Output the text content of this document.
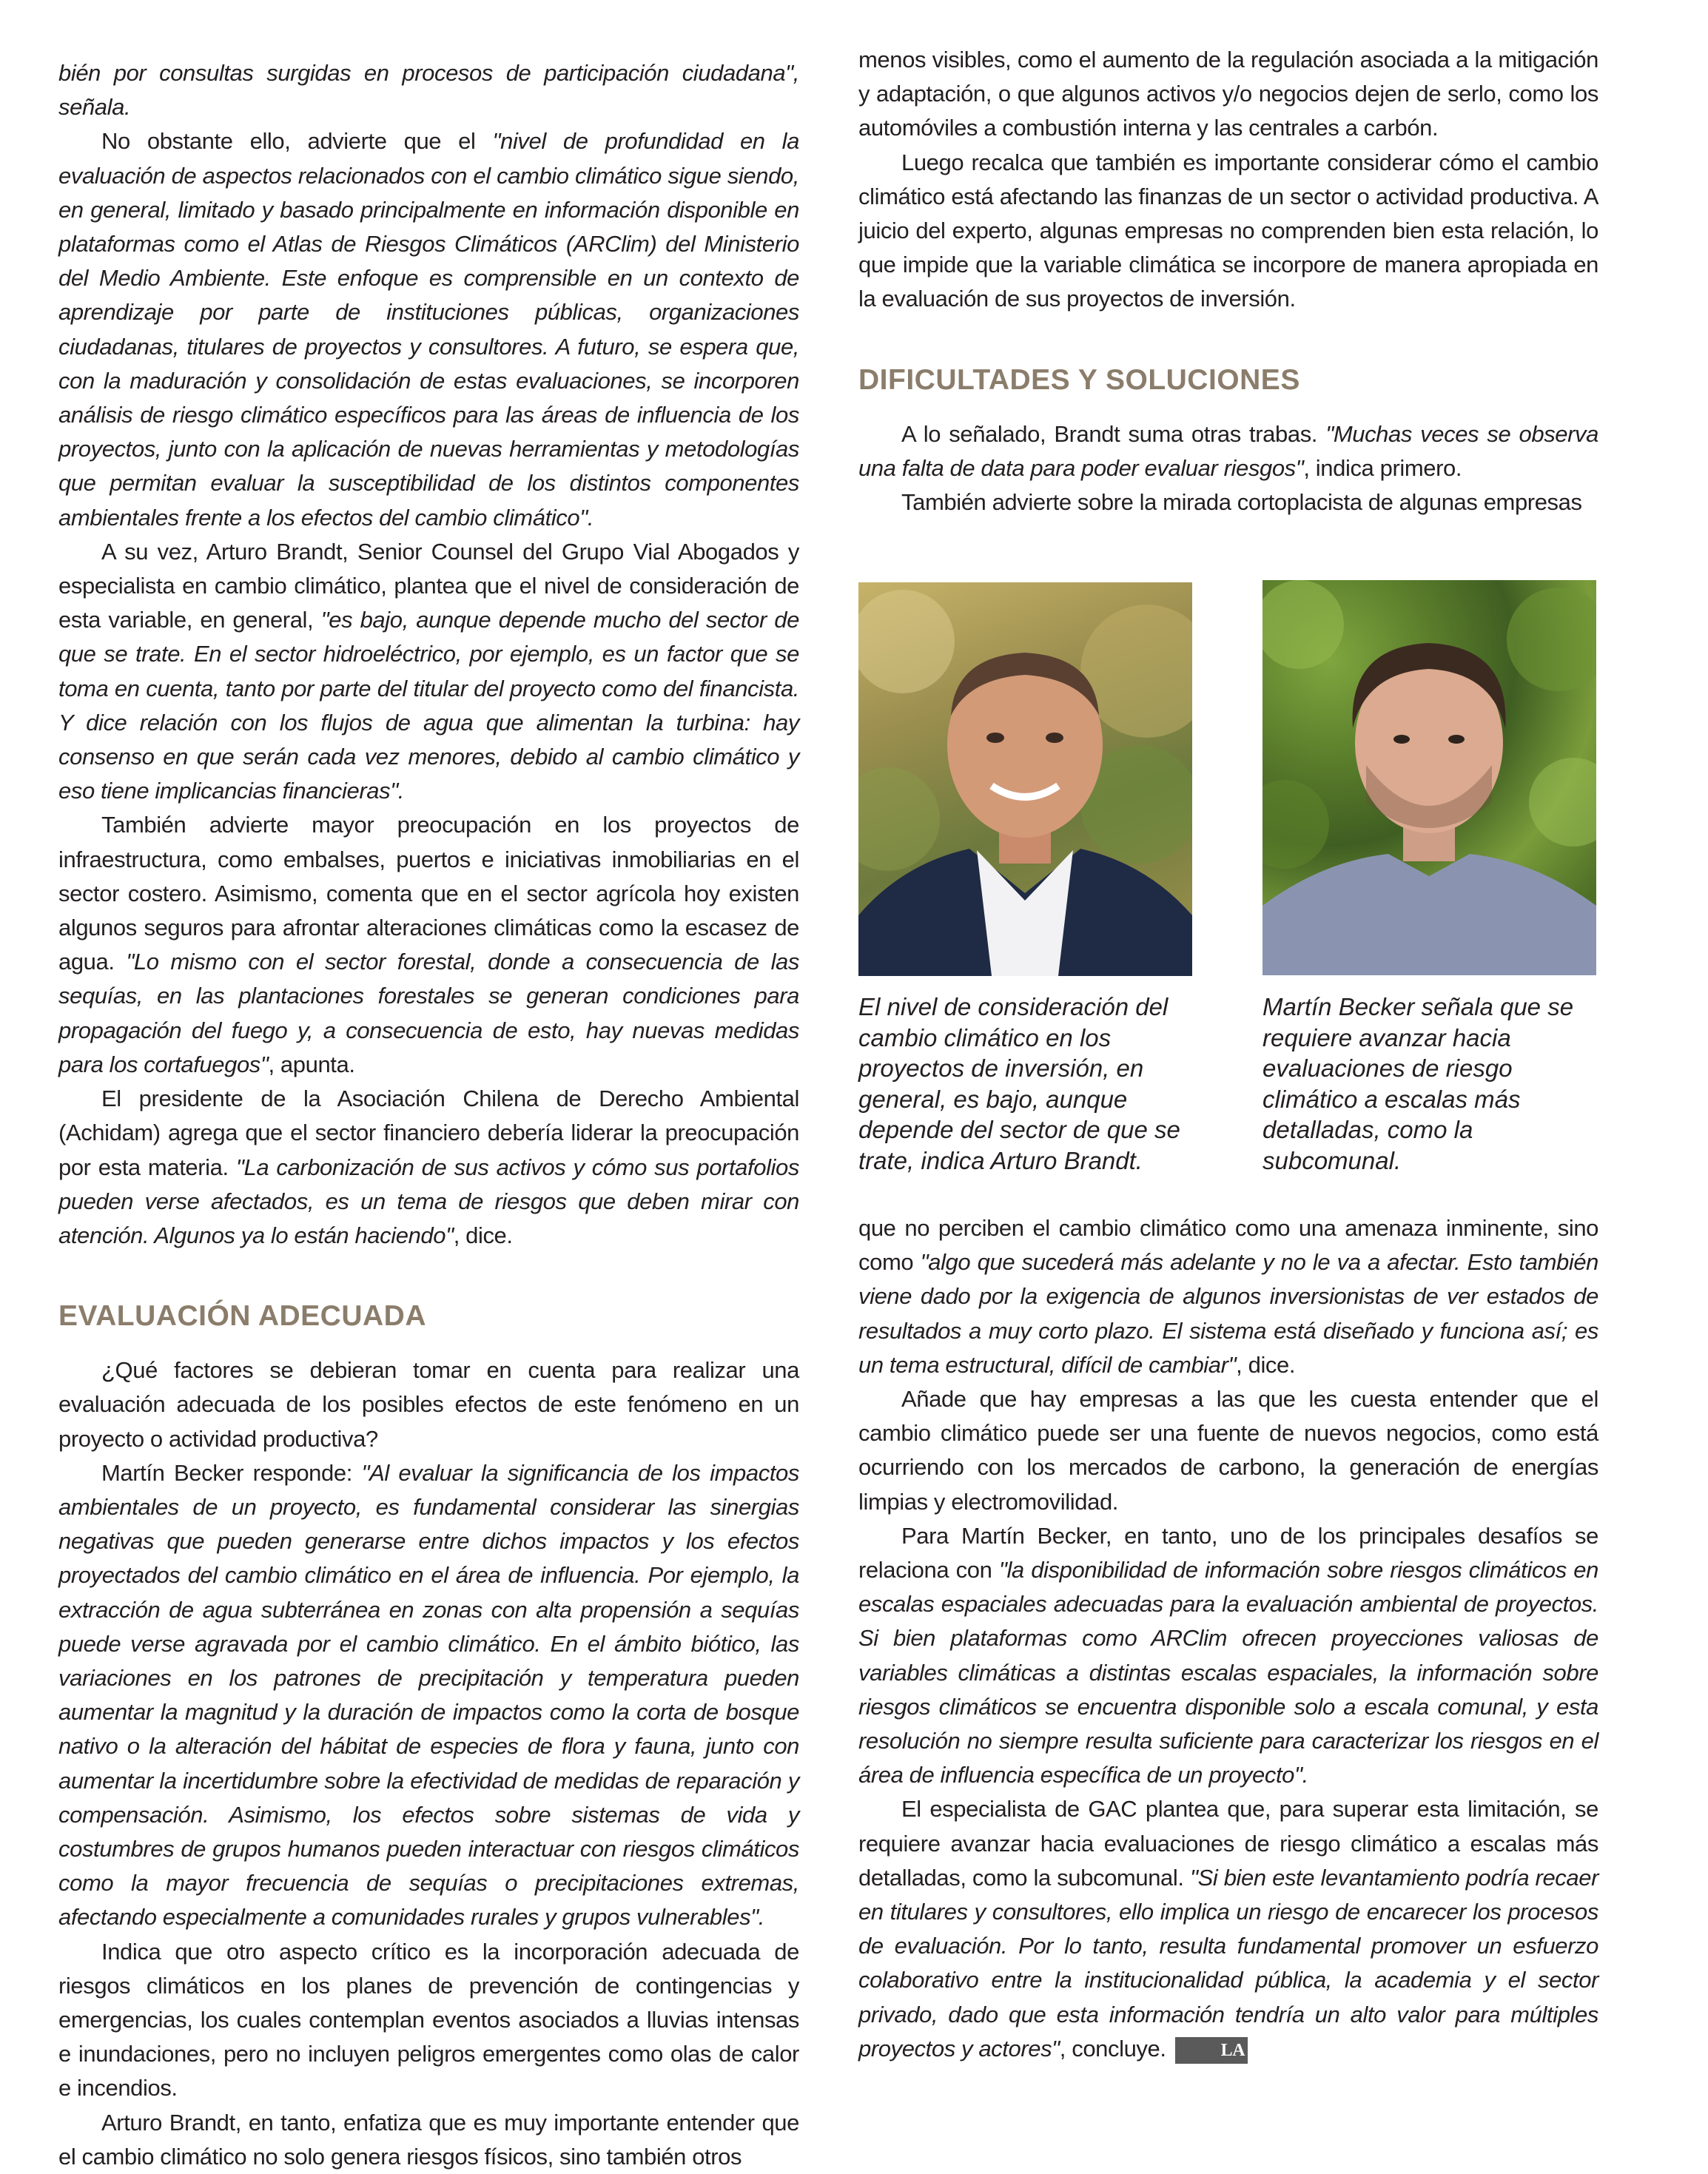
bién por consultas surgidas en procesos de participación ciudadana", señala.

No obstante ello, advierte que el "nivel de profundidad en la evaluación de aspectos relacionados con el cambio climático sigue siendo, en general, limitado y basado principalmente en información disponible en plataformas como el Atlas de Riesgos Climáticos (ARClim) del Ministerio del Medio Ambiente. Este enfoque es comprensible en un contexto de aprendizaje por parte de instituciones públicas, organizaciones ciudadanas, titulares de proyectos y consultores. A futuro, se espera que, con la maduración y consolidación de estas evaluaciones, se incorporen análisis de riesgo climático específicos para las áreas de influencia de los proyectos, junto con la aplicación de nuevas herramientas y metodologías que permitan evaluar la susceptibilidad de los distintos componentes ambientales frente a los efectos del cambio climático".

A su vez, Arturo Brandt, Senior Counsel del Grupo Vial Abogados y especialista en cambio climático, plantea que el nivel de consideración de esta variable, en general, "es bajo, aunque depende mucho del sector de que se trate. En el sector hidroeléctrico, por ejemplo, es un factor que se toma en cuenta, tanto por parte del titular del proyecto como del financista. Y dice relación con los flujos de agua que alimentan la turbina: hay consenso en que serán cada vez menores, debido al cambio climático y eso tiene implicancias financieras".

También advierte mayor preocupación en los proyectos de infraestructura, como embalses, puertos e iniciativas inmobiliarias en el sector costero. Asimismo, comenta que en el sector agrícola hoy existen algunos seguros para afrontar alteraciones climáticas como la escasez de agua. "Lo mismo con el sector forestal, donde a consecuencia de las sequías, en las plantaciones forestales se generan condiciones para propagación del fuego y, a consecuencia de esto, hay nuevas medidas para los cortafuegos", apunta.

El presidente de la Asociación Chilena de Derecho Ambiental (Achidam) agrega que el sector financiero debería liderar la preocupación por esta materia. "La carbonización de sus activos y cómo sus portafolios pueden verse afectados, es un tema de riesgos que deben mirar con atención. Algunos ya lo están haciendo", dice.

EVALUACIÓN ADECUADA

¿Qué factores se debieran tomar en cuenta para realizar una evaluación adecuada de los posibles efectos de este fenómeno en un proyecto o actividad productiva?

Martín Becker responde: "Al evaluar la significancia de los impactos ambientales de un proyecto, es fundamental considerar las sinergias negativas que pueden generarse entre dichos impactos y los efectos proyectados del cambio climático en el área de influencia. Por ejemplo, la extracción de agua subterránea en zonas con alta propensión a sequías puede verse agravada por el cambio climático. En el ámbito biótico, las variaciones en los patrones de precipitación y temperatura pueden aumentar la magnitud y la duración de impactos como la corta de bosque nativo o la alteración del hábitat de especies de flora y fauna, junto con aumentar la incertidumbre sobre la efectividad de medidas de reparación y compensación. Asimismo, los efectos sobre sistemas de vida y costumbres de grupos humanos pueden interactuar con riesgos climáticos como la mayor frecuencia de sequías o precipitaciones extremas, afectando especialmente a comunidades rurales y grupos vulnerables".

Indica que otro aspecto crítico es la incorporación adecuada de riesgos climáticos en los planes de prevención de contingencias y emergencias, los cuales contemplan eventos asociados a lluvias intensas e inundaciones, pero no incluyen peligros emergentes como olas de calor e incendios.

Arturo Brandt, en tanto, enfatiza que es muy importante entender que el cambio climático no solo genera riesgos físicos, sino también otros

menos visibles, como el aumento de la regulación asociada a la mitigación y adaptación, o que algunos activos y/o negocios dejen de serlo, como los automóviles a combustión interna y las centrales a carbón.

Luego recalca que también es importante considerar cómo el cambio climático está afectando las finanzas de un sector o actividad productiva. A juicio del experto, algunas empresas no comprenden bien esta relación, lo que impide que la variable climática se incorpore de manera apropiada en la evaluación de sus proyectos de inversión.

DIFICULTADES Y SOLUCIONES

A lo señalado, Brandt suma otras trabas. "Muchas veces se observa una falta de data para poder evaluar riesgos", indica primero.

También advierte sobre la mirada cortoplacista de algunas empresas

El nivel de consideración del cambio climático en los proyectos de inversión, en general, es bajo, aunque depende del sector de que se trate, indica Arturo Brandt.
Martín Becker señala que se requiere avanzar hacia evaluaciones de riesgo climático a escalas más detalladas, como la subcomunal.

que no perciben el cambio climático como una amenaza inminente, sino como "algo que sucederá más adelante y no le va a afectar. Esto también viene dado por la exigencia de algunos inversionistas de ver estados de resultados a muy corto plazo. El sistema está diseñado y funciona así; es un tema estructural, difícil de cambiar", dice.

Añade que hay empresas a las que les cuesta entender que el cambio climático puede ser una fuente de nuevos negocios, como está ocurriendo con los mercados de carbono, la generación de energías limpias y electromovilidad.

Para Martín Becker, en tanto, uno de los principales desafíos se relaciona con "la disponibilidad de información sobre riesgos climáticos en escalas espaciales adecuadas para la evaluación ambiental de proyectos. Si bien plataformas como ARClim ofrecen proyecciones valiosas de variables climáticas a distintas escalas espaciales, la información sobre riesgos climáticos se encuentra disponible solo a escala comunal, y esta resolución no siempre resulta suficiente para caracterizar los riesgos en el área de influencia específica de un proyecto".

El especialista de GAC plantea que, para superar esta limitación, se requiere avanzar hacia evaluaciones de riesgo climático a escalas más detalladas, como la subcomunal. "Si bien este levantamiento podría recaer en titulares y consultores, ello implica un riesgo de encarecer los procesos de evaluación. Por lo tanto, resulta fundamental promover un esfuerzo colaborativo entre la institucionalidad pública, la academia y el sector privado, dado que esta información tendría un alto valor para múltiples proyectos y actores", concluye.	LA
